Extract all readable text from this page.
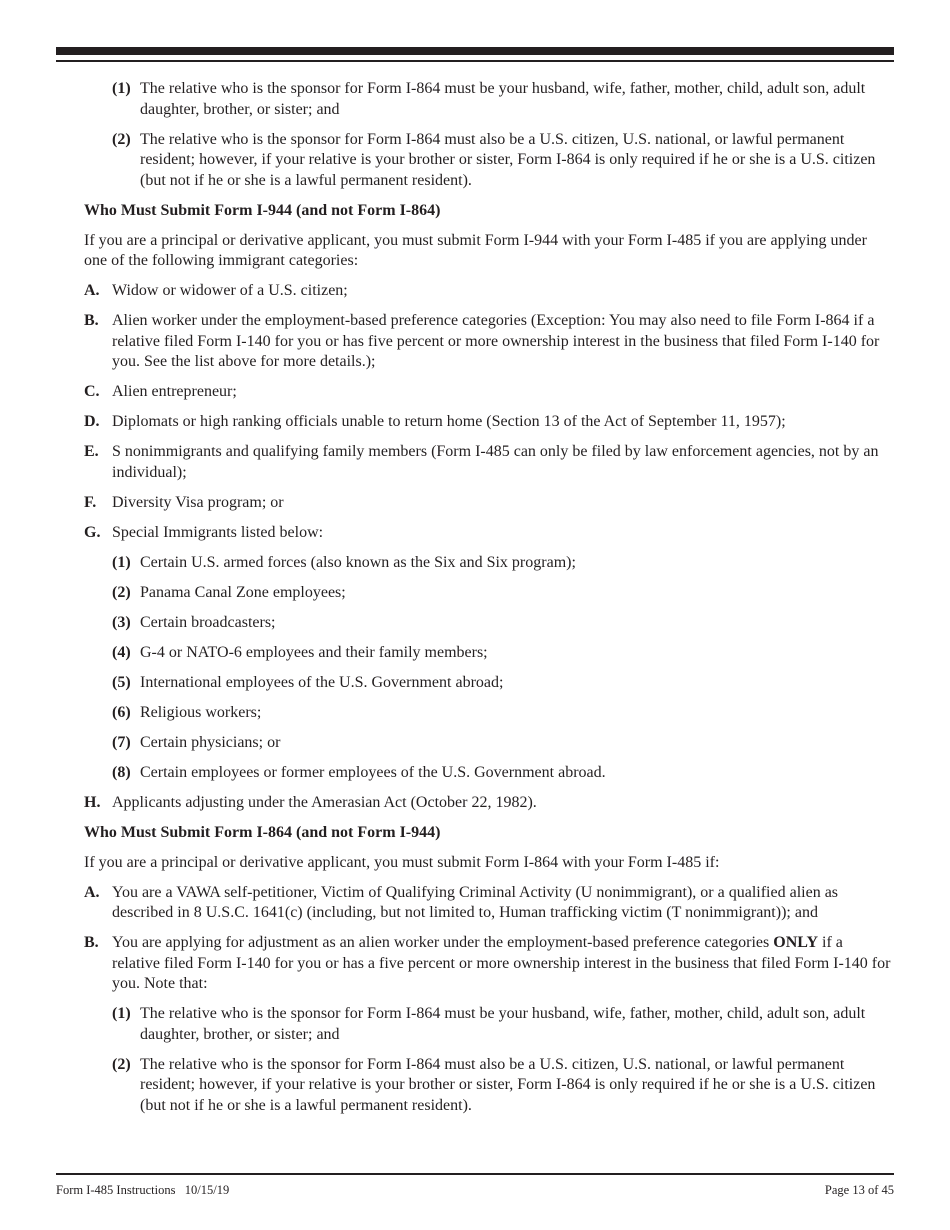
(1) The relative who is the sponsor for Form I-864 must be your husband, wife, father, mother, child, adult son, adult daughter, brother, or sister; and
(2) The relative who is the sponsor for Form I-864 must also be a U.S. citizen, U.S. national, or lawful permanent resident; however, if your relative is your brother or sister, Form I-864 is only required if he or she is a U.S. citizen (but not if he or she is a lawful permanent resident).
Who Must Submit Form I-944 (and not Form I-864)
If you are a principal or derivative applicant, you must submit Form I-944 with your Form I-485 if you are applying under one of the following immigrant categories:
A. Widow or widower of a U.S. citizen;
B. Alien worker under the employment-based preference categories (Exception: You may also need to file Form I-864 if a relative filed Form I-140 for you or has five percent or more ownership interest in the business that filed Form I-140 for you. See the list above for more details.);
C. Alien entrepreneur;
D. Diplomats or high ranking officials unable to return home (Section 13 of the Act of September 11, 1957);
E. S nonimmigrants and qualifying family members (Form I-485 can only be filed by law enforcement agencies, not by an individual);
F. Diversity Visa program; or
G. Special Immigrants listed below:
(1) Certain U.S. armed forces (also known as the Six and Six program);
(2) Panama Canal Zone employees;
(3) Certain broadcasters;
(4) G-4 or NATO-6 employees and their family members;
(5) International employees of the U.S. Government abroad;
(6) Religious workers;
(7) Certain physicians; or
(8) Certain employees or former employees of the U.S. Government abroad.
H. Applicants adjusting under the Amerasian Act (October 22, 1982).
Who Must Submit Form I-864 (and not Form I-944)
If you are a principal or derivative applicant, you must submit Form I-864 with your Form I-485 if:
A. You are a VAWA self-petitioner, Victim of Qualifying Criminal Activity (U nonimmigrant), or a qualified alien as described in 8 U.S.C. 1641(c) (including, but not limited to, Human trafficking victim (T nonimmigrant)); and
B. You are applying for adjustment as an alien worker under the employment-based preference categories ONLY if a relative filed Form I-140 for you or has a five percent or more ownership interest in the business that filed Form I-140 for you. Note that:
(1) The relative who is the sponsor for Form I-864 must be your husband, wife, father, mother, child, adult son, adult daughter, brother, or sister; and
(2) The relative who is the sponsor for Form I-864 must also be a U.S. citizen, U.S. national, or lawful permanent resident; however, if your relative is your brother or sister, Form I-864 is only required if he or she is a U.S. citizen (but not if he or she is a lawful permanent resident).
Form I-485 Instructions   10/15/19	Page 13 of 45
